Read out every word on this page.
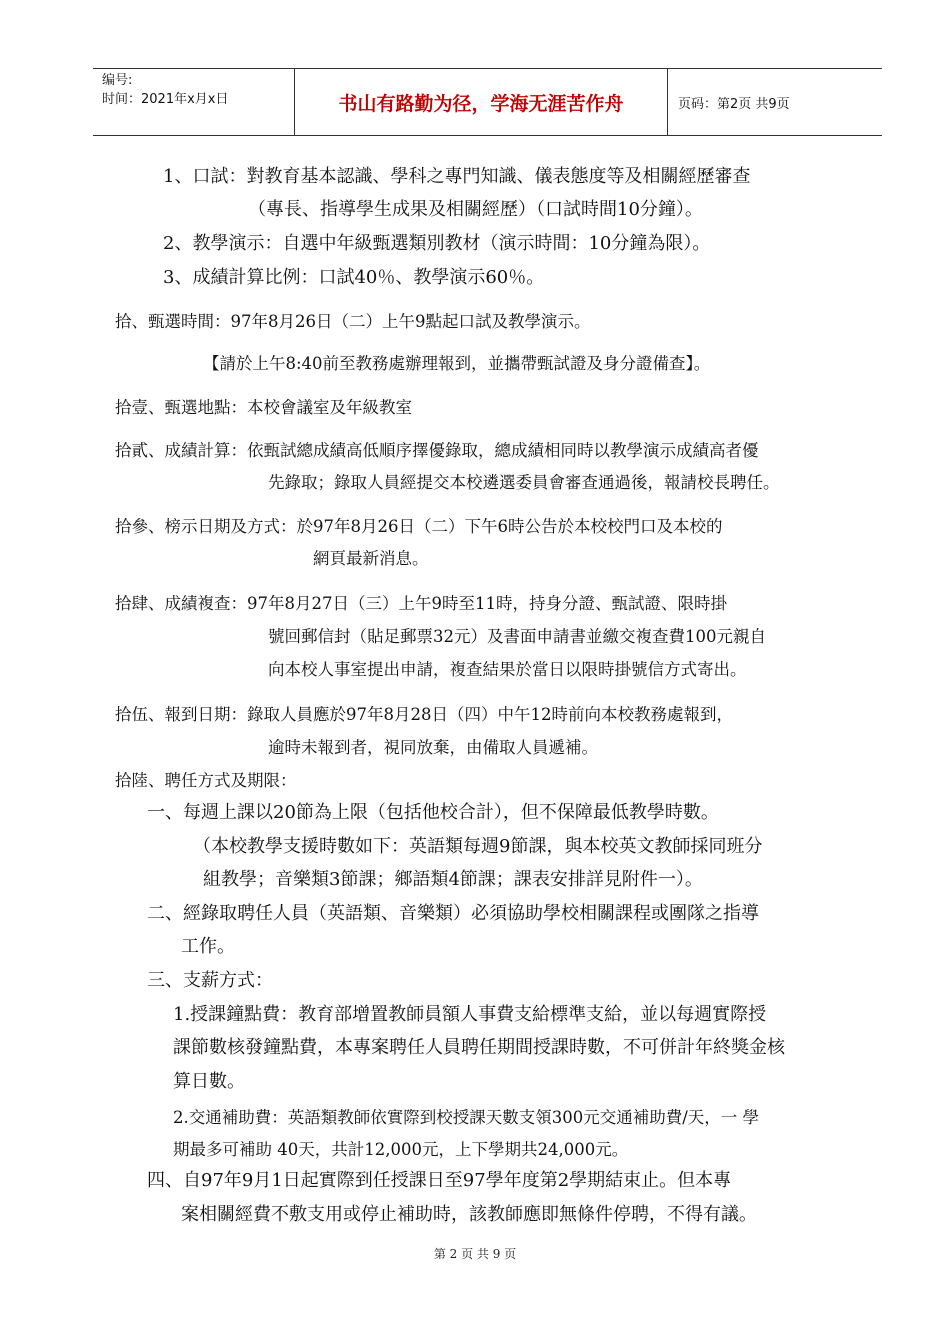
编号:
时间：2021年x月x日	书山有路勤为径，学海无涯苦作舟	页码：第2页 共9页
1、口試：對教育基本認識、學科之專門知識、儀表態度等及相關經歷審查
（專長、指導學生成果及相關經歷）（口試時間10分鐘）。
2、教學演示：自選中年級甄選類別教材（演示時間：10分鐘為限）。
3、成績計算比例：口試40％、教學演示60％。
拾、甄選時間：97年8月26日（二）上午9點起口試及教學演示。
【請於上午8:40前至教務處辦理報到，並攜帶甄試證及身分證備查】。
拾壹、甄選地點：本校會議室及年級教室
拾貳、成績計算：依甄試總成績高低順序擇優錄取，總成績相同時以教學演示成績高者優
先錄取；錄取人員經提交本校遴選委員會審查通過後，報請校長聘任。
拾參、榜示日期及方式：於97年8月26日（二）下午6時公告於本校校門口及本校的
網頁最新消息。
拾肆、成績複查：97年8月27日（三）上午9時至11時，持身分證、甄試證、限時掛
號回郵信封（貼足郵票32元）及書面申請書並繳交複查費100元親自
向本校人事室提出申請，複查結果於當日以限時掛號信方式寄出。
拾伍、報到日期：錄取人員應於97年8月28日（四）中午12時前向本校教務處報到，
逾時未報到者，視同放棄，由備取人員遞補。
拾陸、聘任方式及期限：
一、每週上課以20節為上限（包括他校合計），但不保障最低教學時數。
（本校教學支援時數如下：英語類每週9節課，與本校英文教師採同班分
組教學；音樂類3節課；鄉語類4節課；課表安排詳見附件一）。
二、經錄取聘任人員（英語類、音樂類）必須協助學校相關課程或團隊之指導
工作。
三、支薪方式：
1.授課鐘點費：教育部增置教師員額人事費支給標準支給，並以每週實際授
課節數核發鐘點費，本專案聘任人員聘任期間授課時數，不可併計年終獎金核
算日數。
2.交通補助費：英語類教師依實際到校授課天數支領300元交通補助費/天，一 學
期最多可補助 40天，共計12,000元，上下學期共24,000元。
四、自97年9月1日起實際到任授課日至97學年度第2學期結束止。但本專
案相關經費不敷支用或停止補助時，該教師應即無條件停聘，不得有議。
第 2 页 共 9 页
